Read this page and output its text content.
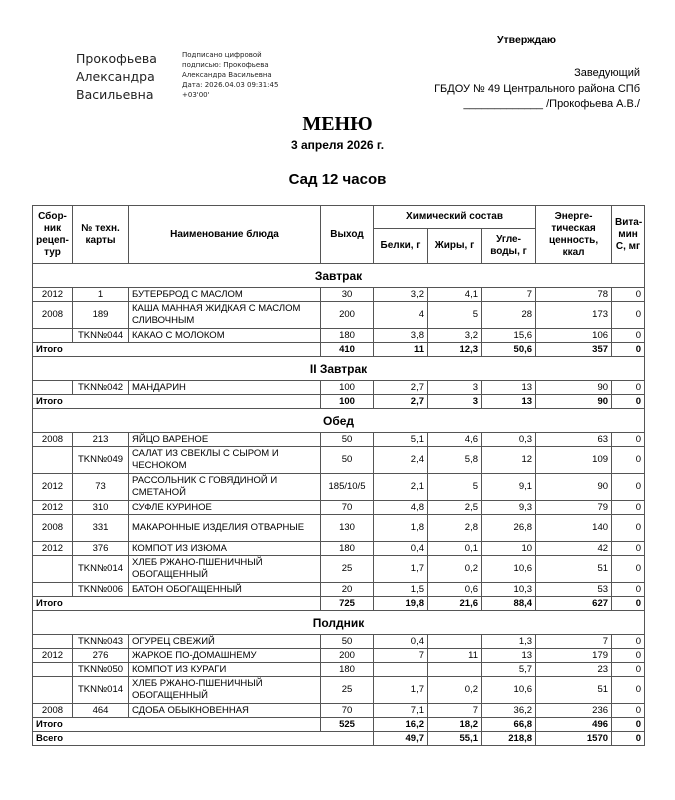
Прокофьева
Александра
Васильевна
Подписано цифровой
подписью: Прокофьева
Александра Васильевна
Дата: 2026.04.03 09:31:45
+03'00'
Утверждаю
Заведующий
ГБДОУ № 49 Центрального района СПб
_____________ /Прокофьева А.В./
МЕНЮ
3 апреля 2026 г.
Сад 12 часов
Сбор-ник рецеп-тур	№ техн. карты	Наименование блюда	Выход	Химический состав			Энерге-тическая ценность, ккал	Вита-мин С, мг
				Белки, г	Жиры, г	Угле-воды, г		
Завтрак								
2012	1	БУТЕРБРОД С МАСЛОМ	30	3,2	4,1	7	78	0
2008	189	КАША МАННАЯ ЖИДКАЯ С МАСЛОМ СЛИВОЧНЫМ	200	4	5	28	173	0
	TKN№044	КАКАО С МОЛОКОМ	180	3,8	3,2	15,6	106	0
Итого			410	11	12,3	50,6	357	0
II Завтрак								
	TKN№042	МАНДАРИН	100	2,7	3	13	90	0
Итого			100	2,7	3	13	90	0
Обед								
2008	213	ЯЙЦО ВАРЕНОЕ	50	5,1	4,6	0,3	63	0
	TKN№049	САЛАТ ИЗ СВЕКЛЫ С СЫРОМ И ЧЕСНОКОМ	50	2,4	5,8	12	109	0
2012	73	РАССОЛЬНИК С ГОВЯДИНОЙ И СМЕТАНОЙ	185/10/5	2,1	5	9,1	90	0
2012	310	СУФЛЕ КУРИНОЕ	70	4,8	2,5	9,3	79	0
2008	331	МАКАРОННЫЕ ИЗДЕЛИЯ ОТВАРНЫЕ	130	1,8	2,8	26,8	140	0
2012	376	КОМПОТ ИЗ ИЗЮМА	180	0,4	0,1	10	42	0
	TKN№014	ХЛЕБ РЖАНО-ПШЕНИЧНЫЙ ОБОГАЩЕННЫЙ	25	1,7	0,2	10,6	51	0
	TKN№006	БАТОН ОБОГАЩЕННЫЙ	20	1,5	0,6	10,3	53	0
Итого			725	19,8	21,6	88,4	627	0
Полдник								
	TKN№043	ОГУРЕЦ СВЕЖИЙ	50	0,4		1,3	7	0
2012	276	ЖАРКОЕ ПО-ДОМАШНЕМУ	200	7	11	13	179	0
	TKN№050	КОМПОТ ИЗ КУРАГИ	180			5,7	23	0
	TKN№014	ХЛЕБ РЖАНО-ПШЕНИЧНЫЙ ОБОГАЩЕННЫЙ	25	1,7	0,2	10,6	51	0
2008	464	СДОБА ОБЫКНОВЕННАЯ	70	7,1	7	36,2	236	0
Итого			525	16,2	18,2	66,8	496	0
Всего				49,7	55,1	218,8	1570	0
